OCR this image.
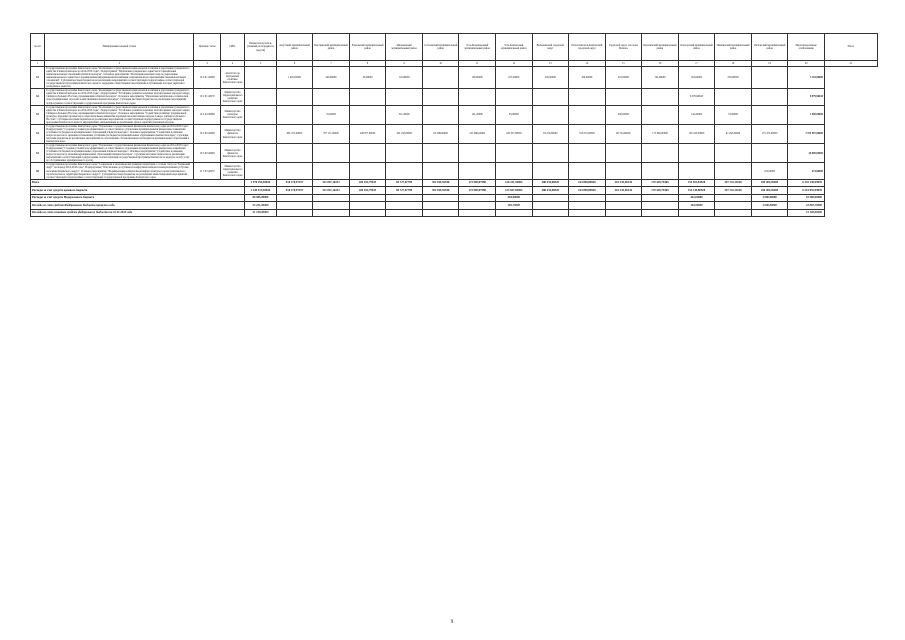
№ п/п	Наименование целевой статьи	Целевая статья	ГРБС	Бюджетополучатель (главный распорядитель средств)	Алеутский муниципальный район	Быстринский муниципальный район	Елизовский муниципальный район	Мильковский муниципальный район	Соболевский муниципальный район	Усть-Большерецкий муниципальный район	Усть-Камчатский муниципальный район	Вилючинский городской округ	Петропавловск-Камчатский городской округ	Городской округ «поселок Палана»	Карагинский муниципальный район	Олюторский муниципальный район	Пенжинский муниципальный район	Тигильский муниципальный район	Нераспределенные ассигнования	Итого
1	2	3	4	5	6	7	8	9	10	11	12	13	14	15	16	17	18	19	20	21
61	Государственная программа Камчатского края "Реализация государственной национальной политики и укрепление гражданского единства в Камчатском крае на 2014-2018 годы". Подпрограмма "Укрепление гражданского единства и гармонизация межнациональных отношений в Камчатском крае". Основное мероприятие "Реализация комплекса мер по укреплению межнационального единства и формирования информационной кампании, направленной на гармонизацию межнациональных отношений". Субсидии местным бюджетам на реализацию мероприятий соответствующей подпрограммы соответствующей государственной программы Камчатского края по поддержке общественных мероприятий и публикаций, которые укрепляют гражданское единство	10 3 01 40060	Агентство по внутренней политике Камчатского края		1 005,00000	440,00000	40,00000	110,00000		190,00000	167,00000	245,00000	100,00000	222,00000	104,00000	163,00000	250,00000		3 193,00000	
62	Государственная программа Камчатского края "Реализация государственной национальной политики и укрепление гражданского единства в Камчатском крае на 2014-2018 годы". Подпрограмма "Устойчивое развитие коренных малочисленных народов Севера, Сибири и Дальнего Востока, проживающих в Камчатском крае". Основное мероприятие "Укрепление материально-технической базы традиционных отраслей хозяйствования в Камчатском крае". Субсидии местным бюджетам на реализацию мероприятий подпрограммы соответствующей государственной программы Камчатского края.	10 2 01 40070	Министерство территориального развития Камчатского края													8 979,96618			8 979,96618	
63	Государственная программа Камчатского края "Реализация государственной национальной политики и укрепление гражданского единства в Камчатском крае на 2014-2018 годы". Подпрограмма "Устойчивое развитие коренных малочисленных народов Севера, Сибири и Дальнего Востока, проживающих в Камчатском крае". Основное мероприятие "Содействие развитию традиционной культуры, народных промыслов и образовательных инициатив коренных малочисленных народов Севера, Сибири и Дальнего Востока". Субсидии местным бюджетам на реализацию мероприятий соответствующей подпрограммы и государственной программы Камчатского края по мероприятиям, направленным на реализацию прав и гарантий указанных народов.	10 2 04 40060	Министерство культуры Камчатского края			32,00000		311,20000		161,20000	35,00000			340,00000		142,20000	53,40000		1 090,90000	
64	Государственная программа Камчатского края "Управление государственными финансами Камчатского края на 2014-2018 годы". Подпрограмма "Создание условий для эффективного и ответственного управления муниципальными финансами, повышения устойчивости бюджетов муниципальных образований в Камчатском крае". Основное мероприятие "Содействие в решении вопросов местного значения и повышение устойчивости бюджетов муниципальных образований в Камчатском крае". Субсидии местным бюджетам на реализацию мероприятий по обеспечению сбалансированности бюджетов муниципальных образований в Камчатском крае.	19 3 00 40060	Министерство финансов Камчатского края		961 251,00000	707 111,00000	248 057,00000	162 158,00000	65 288,00000	225 996,00000	160 327,00000	83 276,00000	313 072,00000	66 704,00000	175 948,00000	165 245,00000	97 295,00000	175 472,00000	3 575 997,00000	
65	Государственная программа Камчатского края "Управление государственными финансами Камчатского края на 2014-2018 годы". Подпрограмма "Создание условий для эффективного и ответственного управления муниципальными финансами, повышения устойчивости бюджетов муниципальных образований в Камчатском крае". Основное мероприятие "Содействие в решении вопросов местного значения муниципальных образований в Камчатском крае". Субсидии местным бюджетам на реализацию мероприятий соответствующей подпрограммы соответствующей государственной программы Камчатского края (на оплату услуг по обслуживанию муниципального долга).	19 3 00 40060	Министерство финансов Камчатского края																30 000,00000	
66	Государственная программа Камчатского края "Социальная и экономическая развитие территории с особым статусом "Корякский округ" на период 2014-2018 годы". Подпрограмма "Обеспечение доступным и комфортным жильем и коммунальными услугами населения Корякского округа". Основное мероприятие "Формирование коммунальной инфраструктуры в целях комплексного строительства на территории Корякского округа". Субсидии местным бюджетам на реализацию инвестиционных мероприятий соответствующей подпрограммы соответствующей государственной программы Камчатского края.	21 3 03 40070	Министерство территориального развития Камчатского края															474,00000	474,00000	
Всего				2 570 294,83826	918 170,97297	321 847,16233	284 182,79933	60 727,67790	392 949,92946	173 900,87588	126 231,94695	488 435,08526	164 098,89690	261 335,96144	170 436,79465	154 591,84928	297 232,11628	189 404,49485	6 335 230,99039	
Расходы за счет средств краевого бюджета				2 449 913,83826	918 170,97297	321 847,16233	284 182,79933	60 727,67790	392 949,92946	173 900,87588	125 847,04695	488 435,08526	164 098,89690	261 335,96144	170 436,79465	154 149,80928	297 232,11628	186 404,49485	6 261 852,99039	
Расходы за счет средств Федерального бюджета				86 985,00000							384,90000					442,04000		3 000,00000	92 580,00000	
Расходы за счет средств Федерального бюджета прошлого года				33 251,00000							183,70000					102,00000		3 000,00000	43 065,70000	
Расходы за счет остатков средств федерального бюджета на 01.01.2016 года				31 100,00000															31 100,00000	
9
